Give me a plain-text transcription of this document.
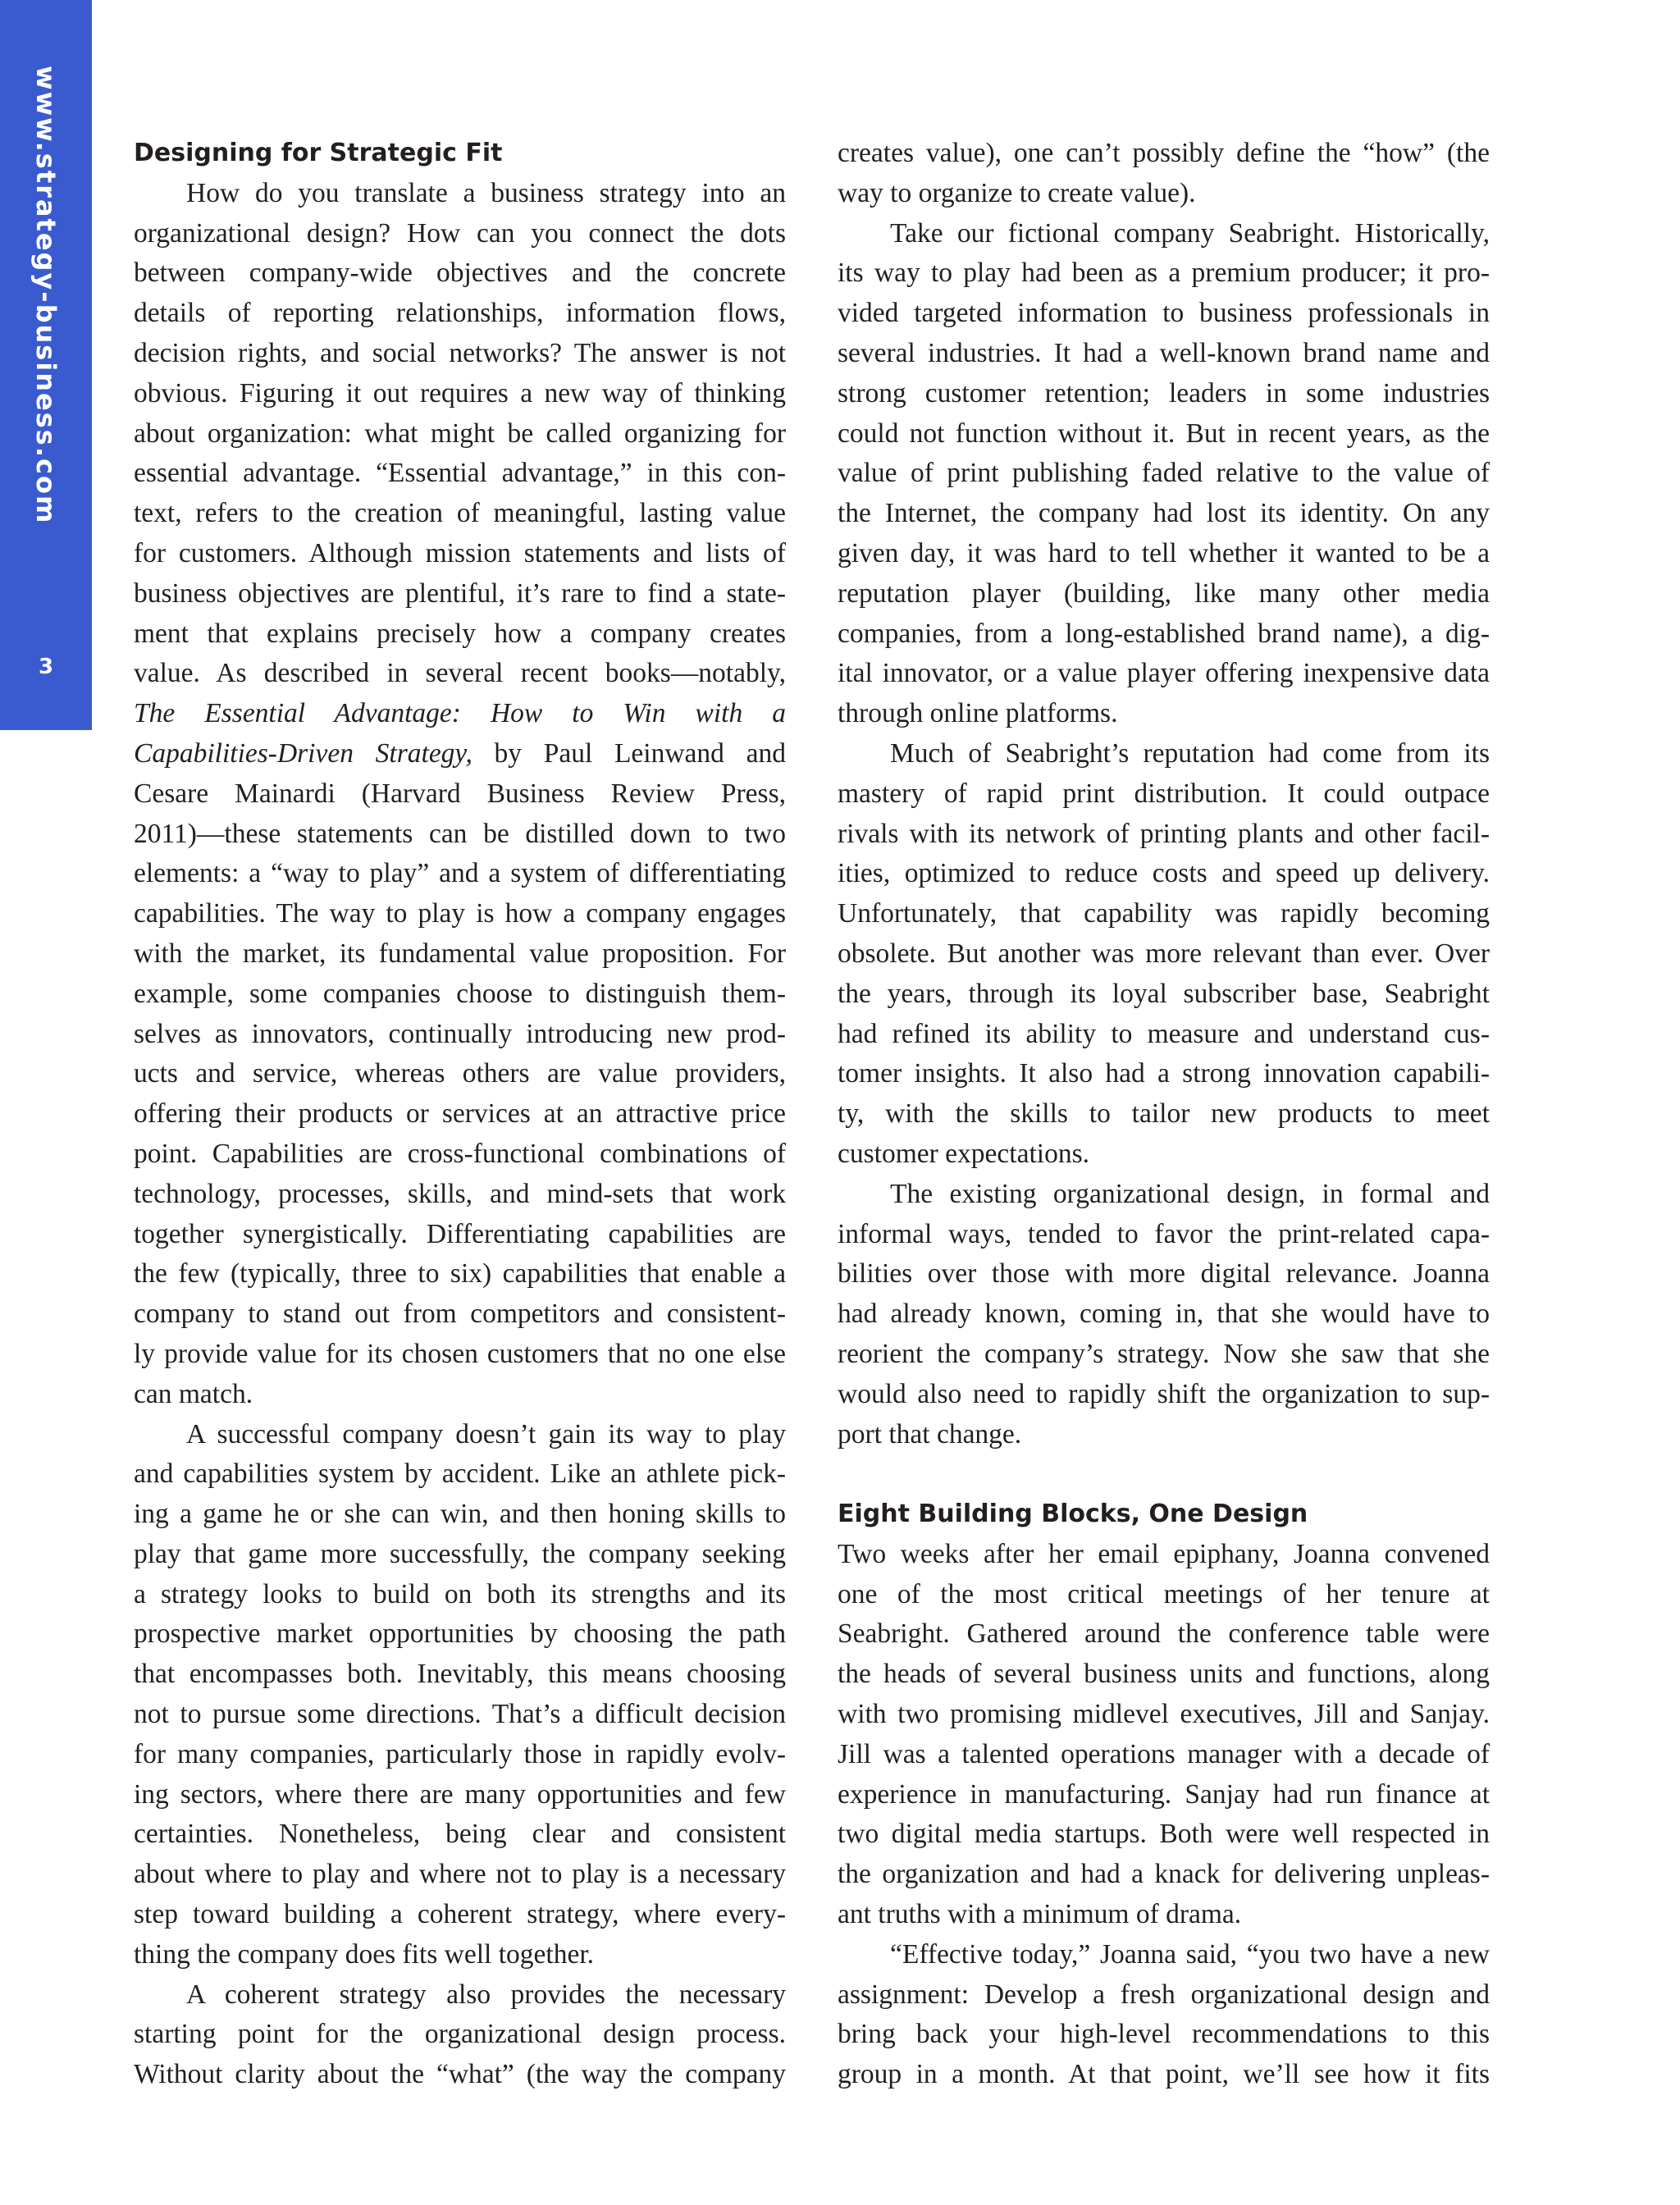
www.strategy-business.com
3
Designing for Strategic Fit
How do you translate a business strategy into an
organizational design? How can you connect the dots
between company-wide objectives and the concrete
details of reporting relationships, information flows,
decision rights, and social networks? The answer is not
obvious. Figuring it out requires a new way of thinking
about organization: what might be called organizing for
essential advantage. “Essential advantage,” in this con-
text, refers to the creation of meaningful, lasting value
for customers. Although mission statements and lists of
business objectives are plentiful, it’s rare to find a state-
ment that explains precisely how a company creates
value. As described in several recent books—notably,
The Essential Advantage: How to Win with a
Capabilities-Driven Strategy, by Paul Leinwand and
Cesare Mainardi (Harvard Business Review Press,
2011)—these statements can be distilled down to two
elements: a “way to play” and a system of differentiating
capabilities. The way to play is how a company engages
with the market, its fundamental value proposition. For
example, some companies choose to distinguish them-
selves as innovators, continually introducing new prod-
ucts and service, whereas others are value providers,
offering their products or services at an attractive price
point. Capabilities are cross-functional combinations of
technology, processes, skills, and mind-sets that work
together synergistically. Differentiating capabilities are
the few (typically, three to six) capabilities that enable a
company to stand out from competitors and consistent-
ly provide value for its chosen customers that no one else
can match.
A successful company doesn’t gain its way to play
and capabilities system by accident. Like an athlete pick-
ing a game he or she can win, and then honing skills to
play that game more successfully, the company seeking
a strategy looks to build on both its strengths and its
prospective market opportunities by choosing the path
that encompasses both. Inevitably, this means choosing
not to pursue some directions. That’s a difficult decision
for many companies, particularly those in rapidly evolv-
ing sectors, where there are many opportunities and few
certainties. Nonetheless, being clear and consistent
about where to play and where not to play is a necessary
step toward building a coherent strategy, where every-
thing the company does fits well together.
A coherent strategy also provides the necessary
starting point for the organizational design process.
Without clarity about the “what” (the way the company
creates value), one can’t possibly define the “how” (the
way to organize to create value).
Take our fictional company Seabright. Historically,
its way to play had been as a premium producer; it pro-
vided targeted information to business professionals in
several industries. It had a well-known brand name and
strong customer retention; leaders in some industries
could not function without it. But in recent years, as the
value of print publishing faded relative to the value of
the Internet, the company had lost its identity. On any
given day, it was hard to tell whether it wanted to be a
reputation player (building, like many other media
companies, from a long-established brand name), a dig-
ital innovator, or a value player offering inexpensive data
through online platforms.
Much of Seabright’s reputation had come from its
mastery of rapid print distribution. It could outpace
rivals with its network of printing plants and other facil-
ities, optimized to reduce costs and speed up delivery.
Unfortunately, that capability was rapidly becoming
obsolete. But another was more relevant than ever. Over
the years, through its loyal subscriber base, Seabright
had refined its ability to measure and understand cus-
tomer insights. It also had a strong innovation capabili-
ty, with the skills to tailor new products to meet
customer expectations.
The existing organizational design, in formal and
informal ways, tended to favor the print-related capa-
bilities over those with more digital relevance. Joanna
had already known, coming in, that she would have to
reorient the company’s strategy. Now she saw that she
would also need to rapidly shift the organization to sup-
port that change.
Eight Building Blocks, One Design
Two weeks after her email epiphany, Joanna convened
one of the most critical meetings of her tenure at
Seabright. Gathered around the conference table were
the heads of several business units and functions, along
with two promising midlevel executives, Jill and Sanjay.
Jill was a talented operations manager with a decade of
experience in manufacturing. Sanjay had run finance at
two digital media startups. Both were well respected in
the organization and had a knack for delivering unpleas-
ant truths with a minimum of drama.
“Effective today,” Joanna said, “you two have a new
assignment: Develop a fresh organizational design and
bring back your high-level recommendations to this
group in a month. At that point, we’ll see how it fits
